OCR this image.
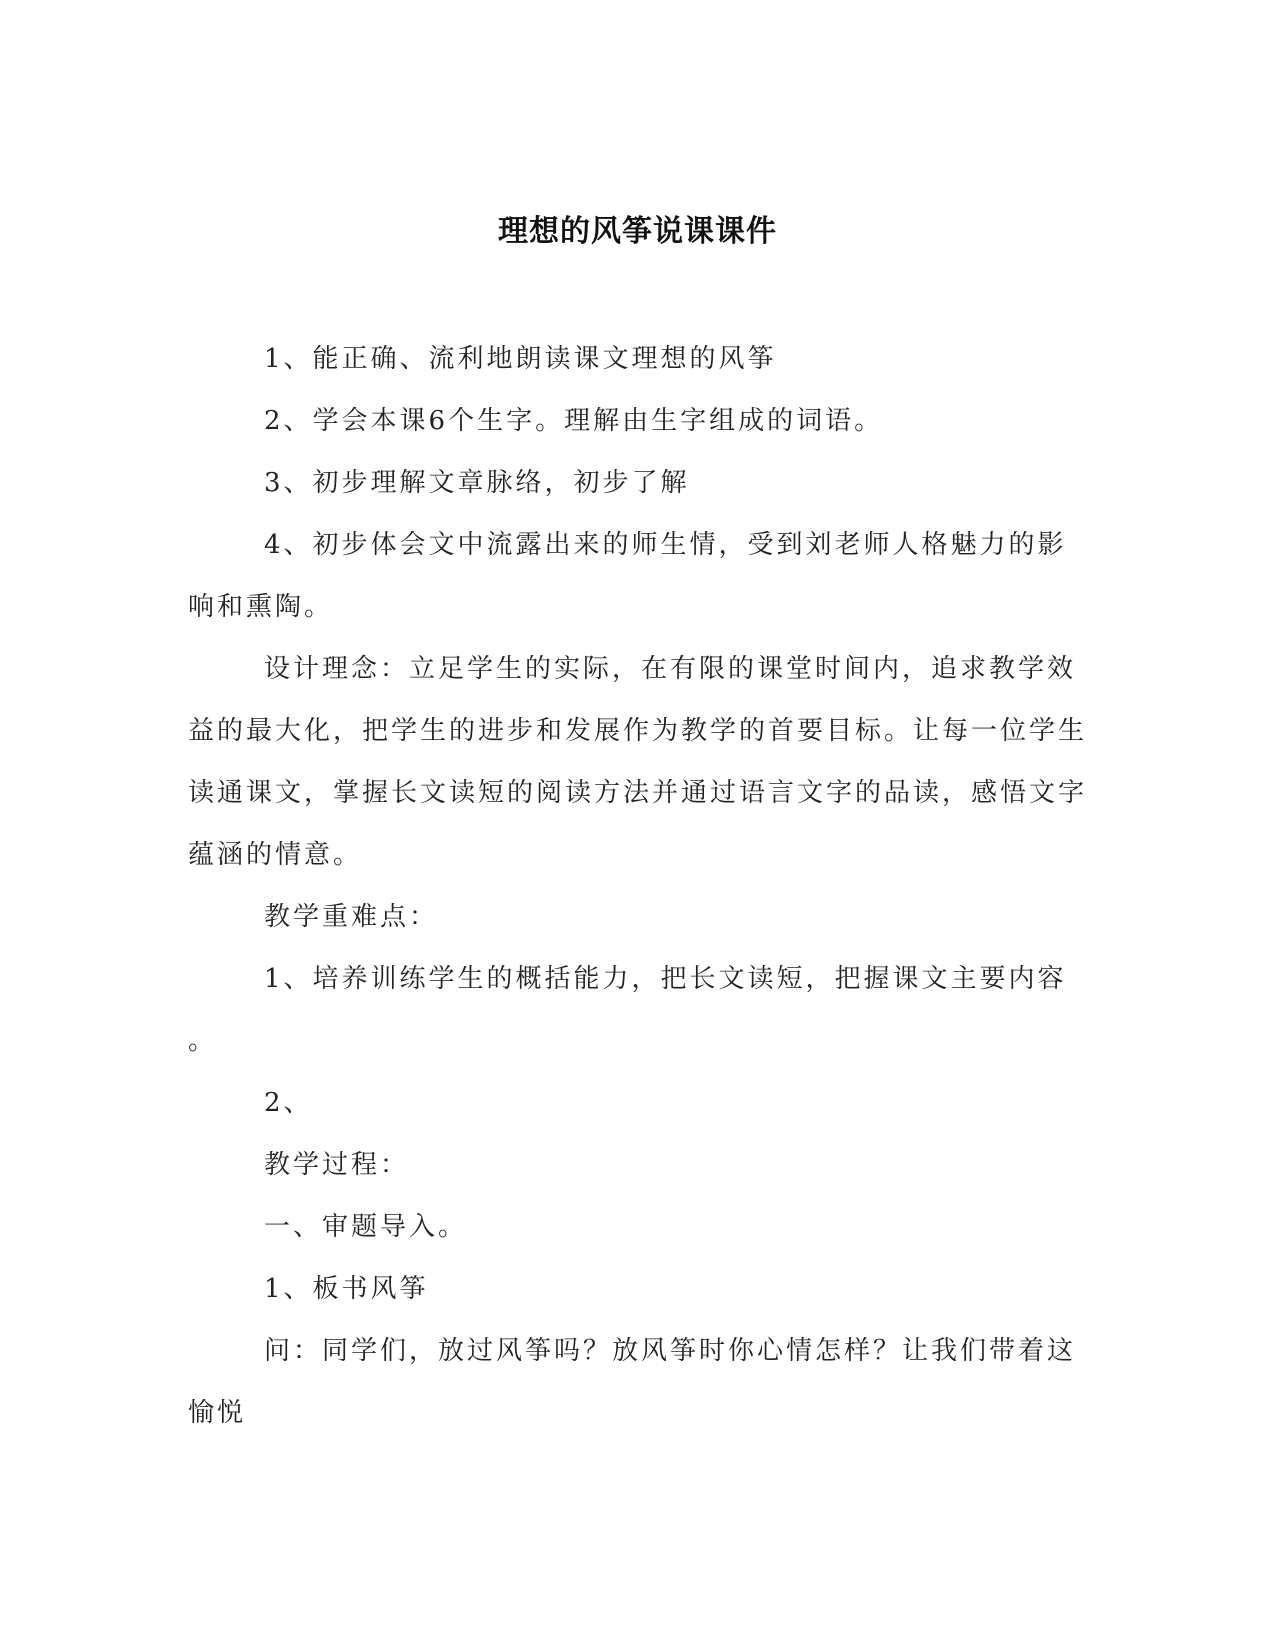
理想的风筝说课课件

1、能正确、流利地朗读课文理想的风筝

2、学会本课6个生字。理解由生字组成的词语。

3、初步理解文章脉络，初步了解

4、初步体会文中流露出来的师生情，受到刘老师人格魅力的影响和熏陶。

设计理念：立足学生的实际，在有限的课堂时间内，追求教学效益的最大化，把学生的进步和发展作为教学的首要目标。让每一位学生读通课文，掌握长文读短的阅读方法并通过语言文字的品读，感悟文字蕴涵的情意。

教学重难点：

1、培养训练学生的概括能力，把长文读短，把握课文主要内容

。

2、

教学过程：

一、审题导入。

1、板书风筝

问：同学们，放过风筝吗？放风筝时你心情怎样？让我们带着这愉悦
